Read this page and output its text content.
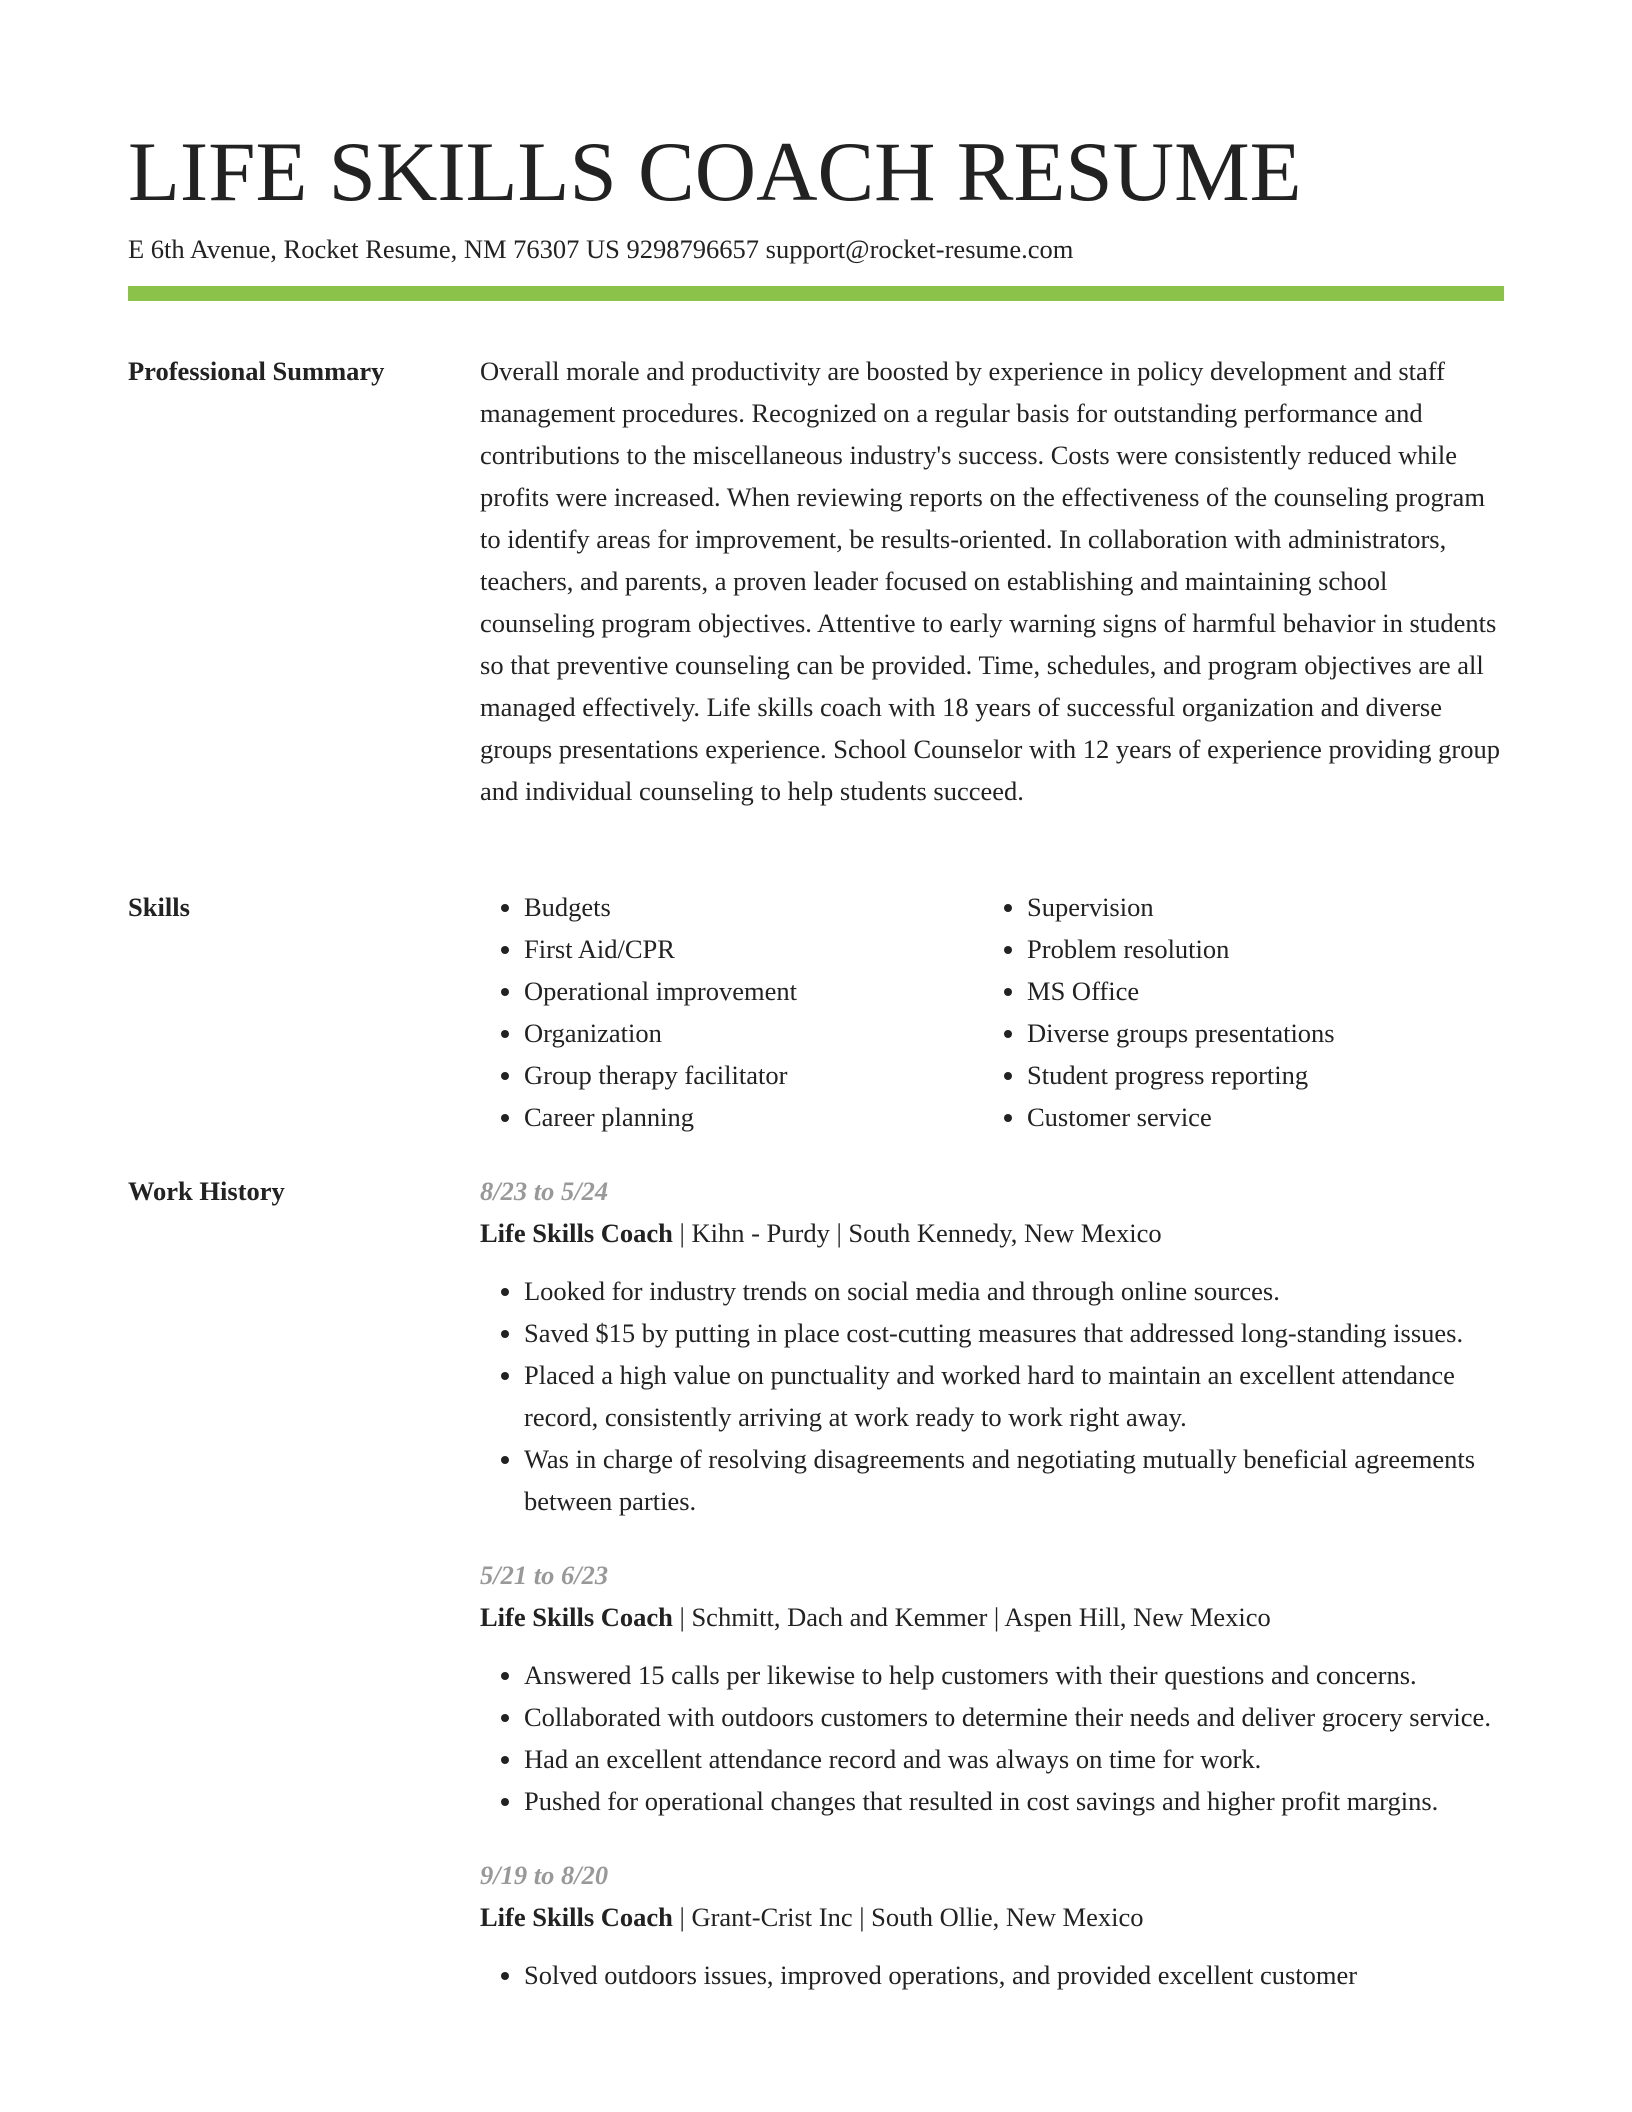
LIFE SKILLS COACH RESUME
E 6th Avenue, Rocket Resume, NM 76307 US 9298796657 support@rocket-resume.com
Professional Summary	Overall morale and productivity are boosted by experience in policy development and staff management procedures. Recognized on a regular basis for outstanding performance and contributions to the miscellaneous industry's success. Costs were consistently reduced while profits were increased. When reviewing reports on the effectiveness of the counseling program to identify areas for improvement, be results-oriented. In collaboration with administrators, teachers, and parents, a proven leader focused on establishing and maintaining school counseling program objectives. Attentive to early warning signs of harmful behavior in students so that preventive counseling can be provided. Time, schedules, and program objectives are all managed effectively. Life skills coach with 18 years of successful organization and diverse groups presentations experience. School Counselor with 12 years of experience providing group and individual counseling to help students succeed.

Skills
•	Budgets
• First Aid/CPR
• Operational improvement
• Organization
• Group therapy facilitator
• Career planning
• Supervision
• Problem resolution
• MS Office
• Diverse groups presentations
• Student progress reporting
• Customer service
Work History	8/23 to 5/24
Life Skills Coach | Kihn - Purdy | South Kennedy, New Mexico
• Looked for industry trends on social media and through online sources.
• Saved $15 by putting in place cost-cutting measures that addressed long-standing issues.
• Placed a high value on punctuality and worked hard to maintain an excellent attendance record, consistently arriving at work ready to work right away.
• Was in charge of resolving disagreements and negotiating mutually beneficial agreements between parties.
5/21 to 6/23
Life Skills Coach | Schmitt, Dach and Kemmer | Aspen Hill, New Mexico
• Answered 15 calls per likewise to help customers with their questions and concerns.
• Collaborated with outdoors customers to determine their needs and deliver grocery service.
• Had an excellent attendance record and was always on time for work.
• Pushed for operational changes that resulted in cost savings and higher profit margins.
9/19 to 8/20
Life Skills Coach | Grant-Crist Inc | South Ollie, New Mexico
• Solved outdoors issues, improved operations, and provided excellent customer
